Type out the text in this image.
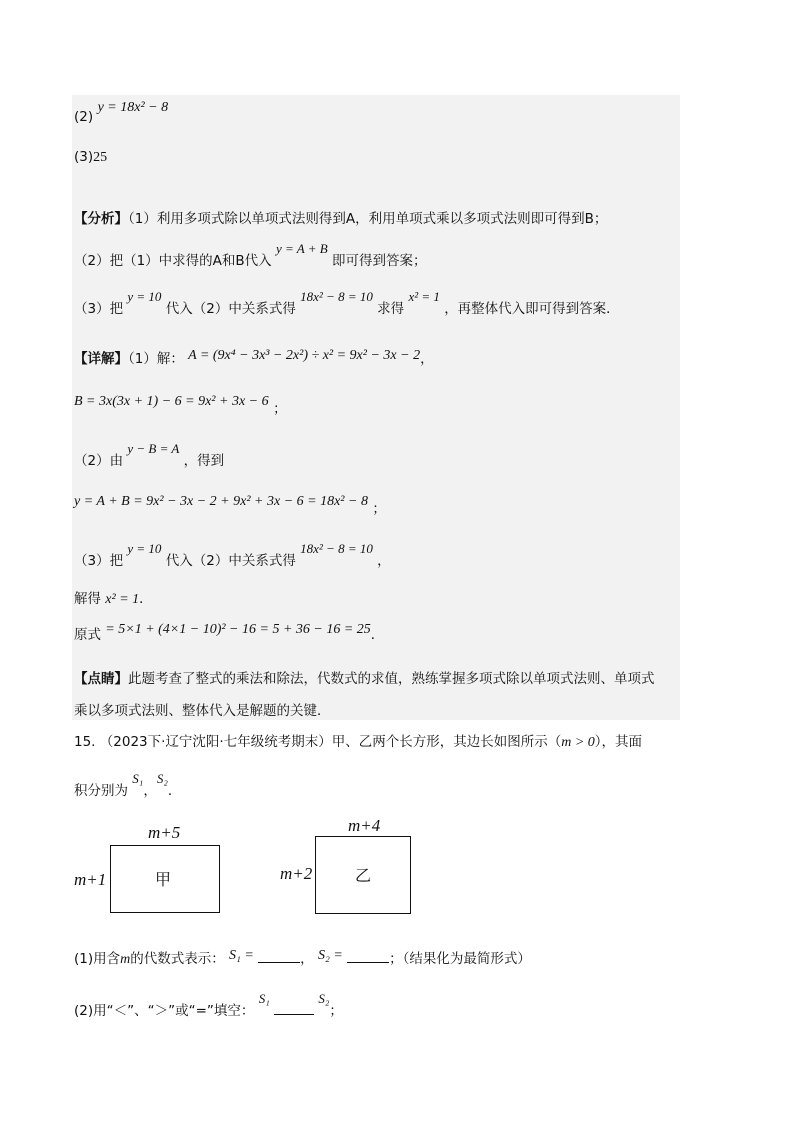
(2) y = 18x² − 8
(3)25
【分析】（1）利用多项式除以单项式法则得到A，利用单项式乘以多项式法则即可得到B；
（2）把（1）中求得的A和B代入 y = A + B 即可得到答案；
（3）把 y = 10 代入（2）中关系式得 18x² − 8 = 10 求得 x² = 1 ，再整体代入即可得到答案．
【详解】（1）解： A = (9x⁴ − 3x³ − 2x²) ÷ x² = 9x² − 3x − 2，
B = 3x(3x + 1) − 6 = 9x² + 3x − 6 ；
（2）由 y − B = A ，得到
y = A + B = 9x² − 3x − 2 + 9x² + 3x − 6 = 18x² − 8 ；
（3）把 y = 10 代入（2）中关系式得 18x² − 8 = 10 ，
解得 x² = 1．
原式 = 5×1 + (4×1 − 10)² − 16 = 5 + 36 − 16 = 25．
【点睛】此题考查了整式的乘法和除法，代数式的求值，熟练掌握多项式除以单项式法则、单项式
乘以多项式法则、整体代入是解题的关键．
15. （2023下·辽宁沈阳·七年级统考期末）甲、乙两个长方形，其边长如图所示（m > 0），其面
积分别为 S₁，S₂．
m+5
m+1	甲
m+4
m+2	乙
(1)用含m的代数式表示： S₁ =	， S₂ =	；（结果化为最简形式）
(2)用“＜”、“＞”或“=”填空： S₁	S₂；
